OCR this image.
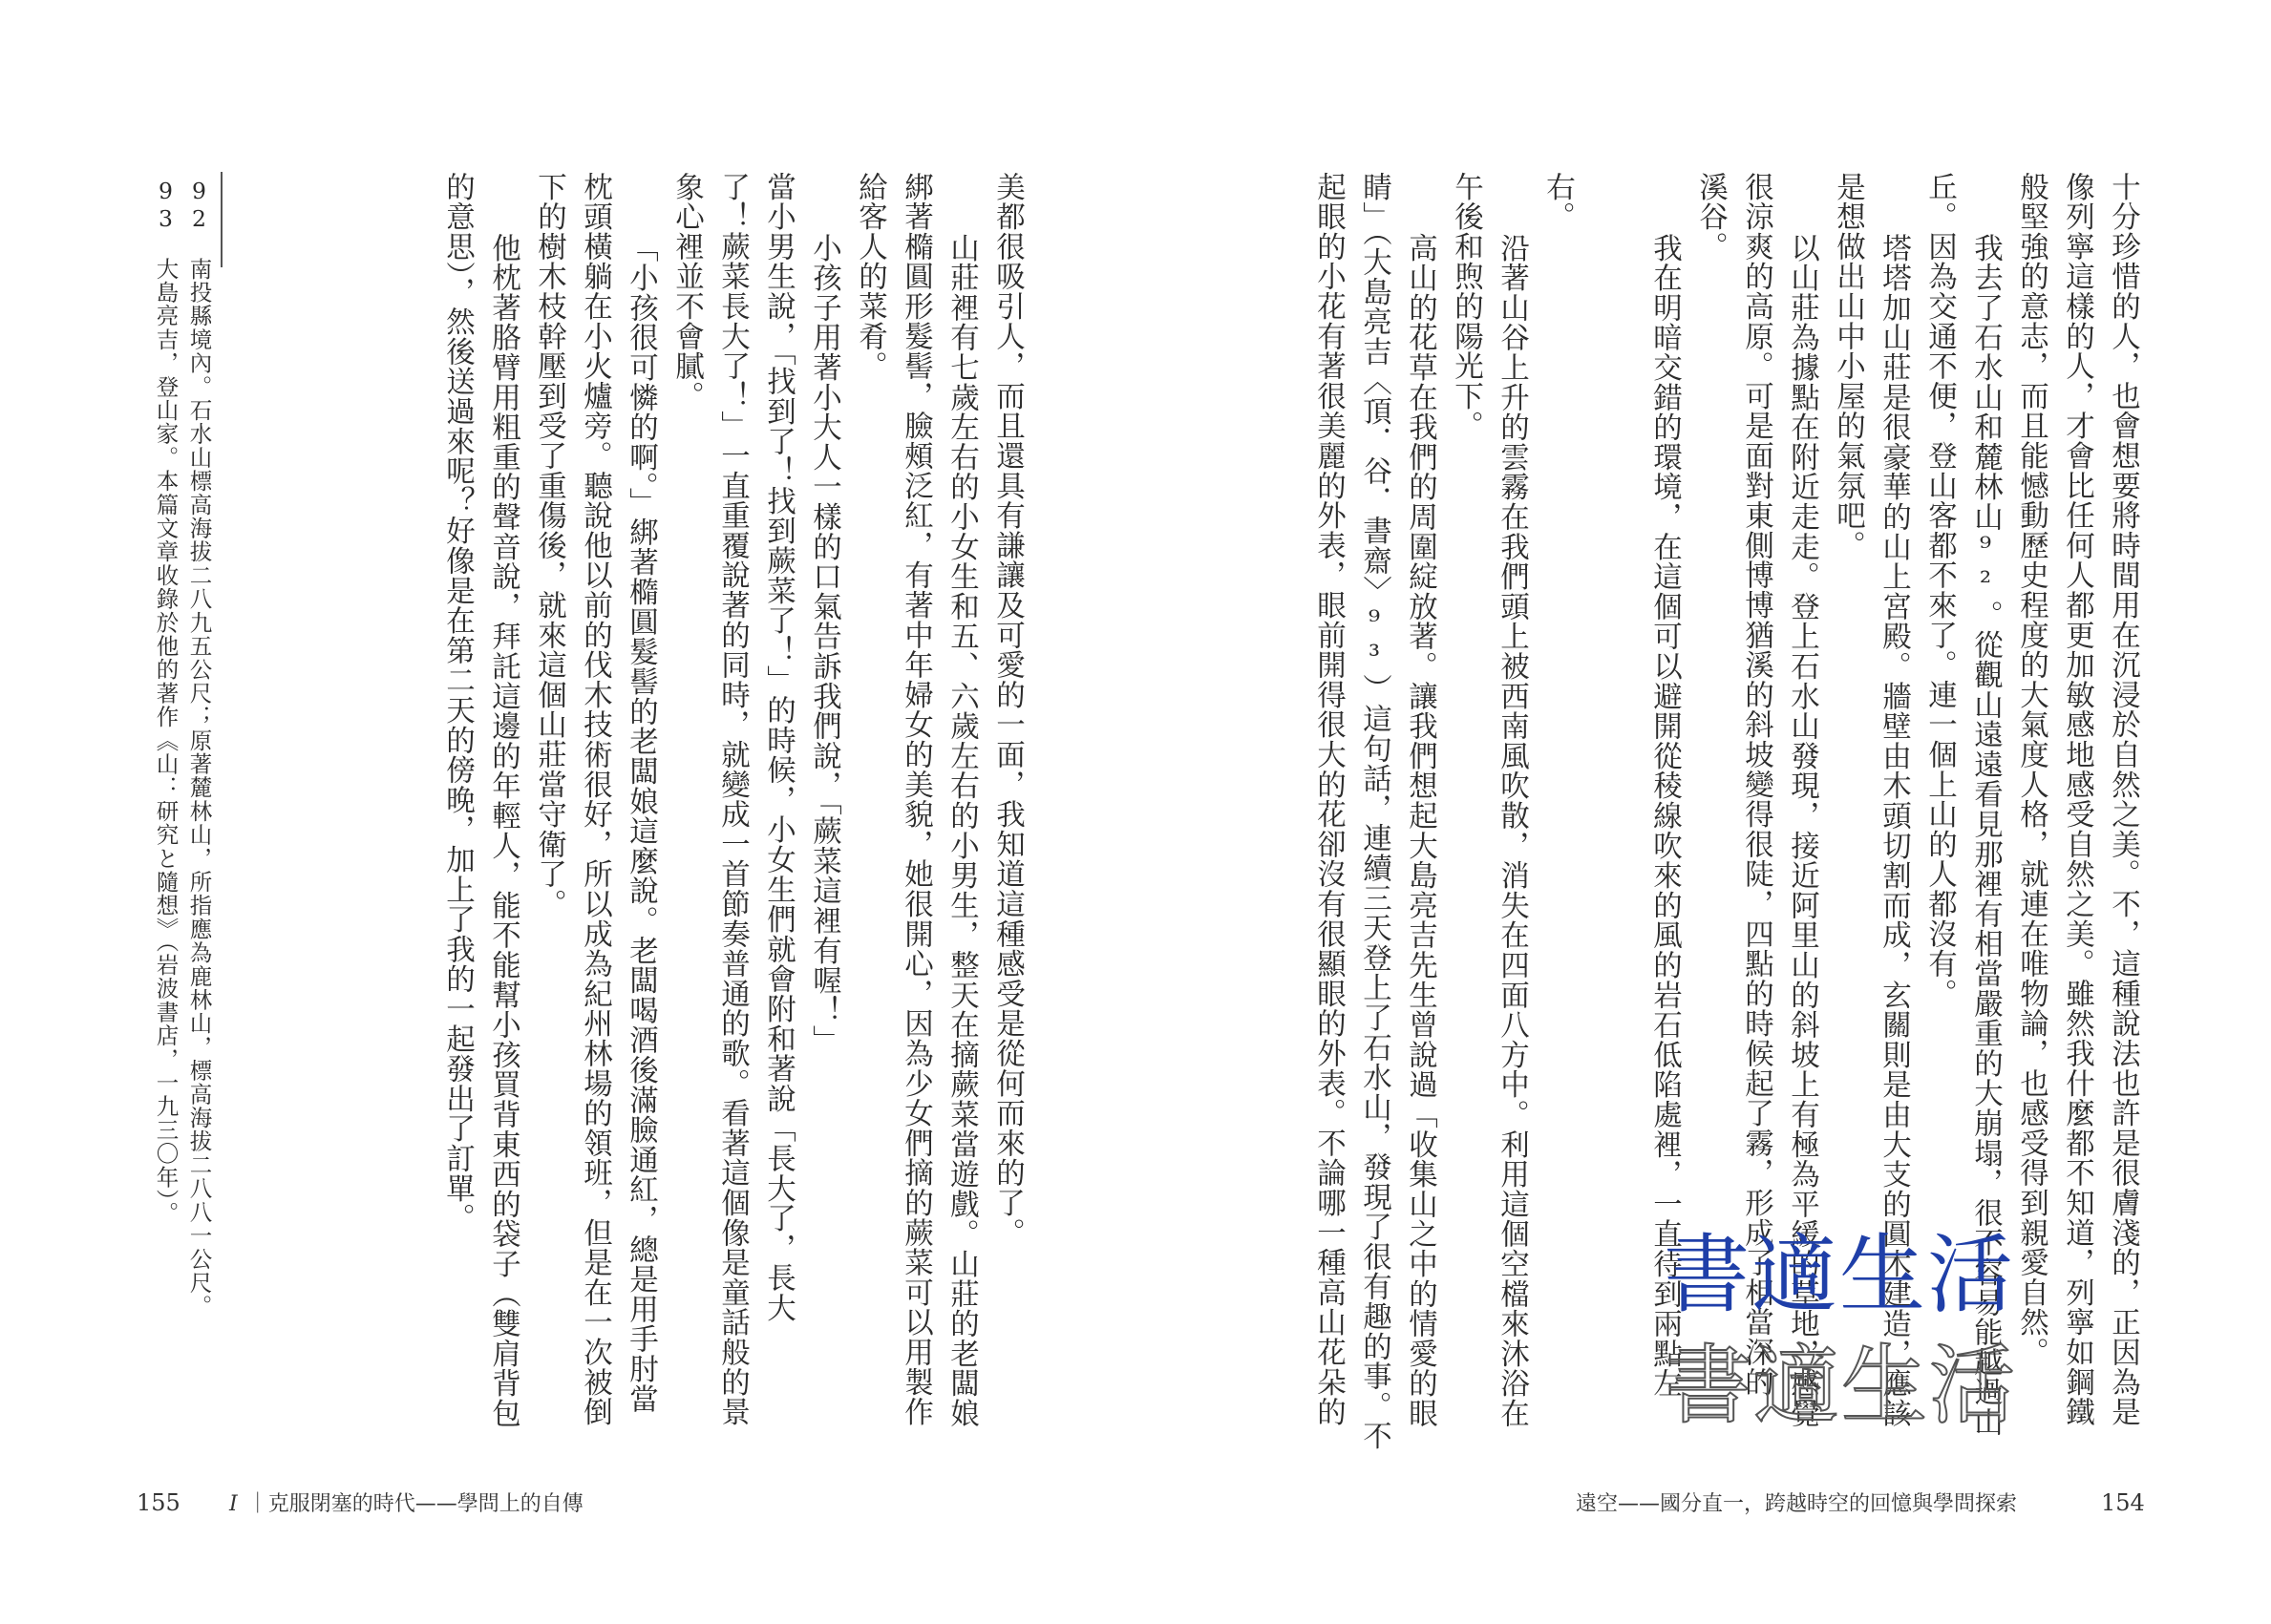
十分珍惜的人，也會想要將時間用在沉浸於自然之美。不，這種說法也許是很膚淺的，正因為是
像列寧這樣的人，才會比任何人都更加敏感地感受自然之美。雖然我什麼都不知道，列寧如鋼鐵
般堅強的意志，而且能憾動歷史程度的大氣度人格，就連在唯物論，也感受得到親愛自然。
我去了石水山和麓林山⁹²。從觀山遠遠看見那裡有相當嚴重的大崩塌，很不容易能越過山
丘。因為交通不便，登山客都不來了。連一個上山的人都沒有。
塔塔加山莊是很豪華的山上宮殿。牆壁由木頭切割而成，玄關則是由大支的圓木建造，應該
是想做出山中小屋的氣氛吧。
以山莊為據點在附近走走。登上石水山發現，接近阿里山的斜坡上有極為平緩的草地，感覺
很涼爽的高原。可是面對東側博博猶溪的斜坡變得很陡，四點的時候起了霧，形成了相當深的
溪谷。
我在明暗交錯的環境，在這個可以避開從稜線吹來的風的岩石低陷處裡，一直待到兩點左
右。
沿著山谷上升的雲霧在我們頭上被西南風吹散，消失在四面八方中。利用這個空檔來沐浴在
午後和煦的陽光下。
高山的花草在我們的周圍綻放著。讓我們想起大島亮吉先生曾說過「收集山之中的情愛的眼
睛」（大島亮吉〈頂．谷．書齋〉⁹³）這句話，連續三天登上了石水山，發現了很有趣的事。不
起眼的小花有著很美麗的外表，眼前開得很大的花卻沒有很顯眼的外表。不論哪一種高山花朵的
美都很吸引人，而且還具有謙讓及可愛的一面，我知道這種感受是從何而來的了。
山莊裡有七歲左右的小女生和五、六歲左右的小男生，整天在摘蕨菜當遊戲。山莊的老闆娘
綁著橢圓形髮髻，臉頰泛紅，有著中年婦女的美貌，她很開心，因為少女們摘的蕨菜可以用製作
給客人的菜肴。
小孩子用著小大人一樣的口氣告訴我們說，「蕨菜這裡有喔！」
當小男生說，「找到了！找到蕨菜了！」的時候，小女生們就會附和著說「長大了，長大
了！蕨菜長大了！」一直重覆說著的同時，就變成一首節奏普通的歌。看著這個像是童話般的景
象心裡並不會膩。
「小孩很可憐的啊。」綁著橢圓髮髻的老闆娘這麼說。老闆喝酒後滿臉通紅，總是用手肘當
枕頭橫躺在小火爐旁。聽說他以前的伐木技術很好，所以成為紀州林場的領班，但是在一次被倒
下的樹木枝幹壓到受了重傷後，就來這個山莊當守衛了。
他枕著胳臂用粗重的聲音說，拜託這邊的年輕人，能不能幫小孩買背東西的袋子（雙肩背包
的意思），然後送過來呢？好像是在第二天的傍晚，加上了我的一起發出了訂單。
92　南投縣境內。石水山標高海拔二八九五公尺；原著麓林山，所指應為鹿林山，標高海拔二八八一公尺。
93　大島亮吉，登山家。本篇文章收錄於他的著作《山：研究と隨想》（岩波書店，一九三〇年）。
155 I ｜克服閉塞的時代——學問上的自傳	遠空——國分直一，跨越時空的回憶與學問探索	154
書適生活
書適生活
